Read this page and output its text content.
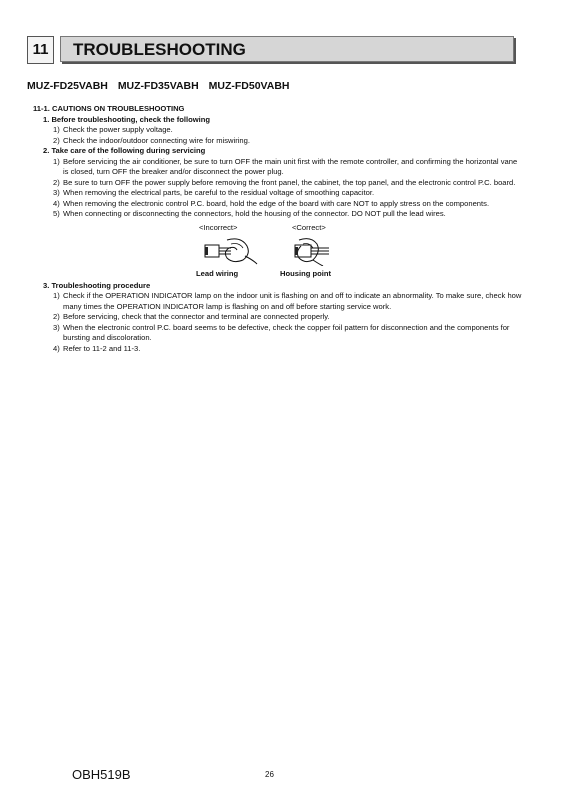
11	TROUBLESHOOTING
MUZ-FD25VABH MUZ-FD35VABH MUZ-FD50VABH
11-1. CAUTIONS ON TROUBLESHOOTING
1. Before troubleshooting, check the following
1) Check the power supply voltage.
2) Check the indoor/outdoor connecting wire for miswiring.
2. Take care of the following during servicing
1) Before servicing the air conditioner, be sure to turn OFF the main unit first with the remote controller, and confirming the horizontal vane is closed, turn OFF the breaker and/or disconnect the power plug.
2) Be sure to turn OFF the power supply before removing the front panel, the cabinet, the top panel, and the electronic control P.C. board.
3) When removing the electrical parts, be careful to the residual voltage of smoothing capacitor.
4) When removing the electronic control P.C. board, hold the edge of the board with care NOT to apply stress on the components.
5) When connecting or disconnecting the connectors, hold the housing of the connector. DO NOT pull the lead wires.
<Incorrect>	<Correct>
Lead wiring	Housing point
3. Troubleshooting procedure
1) Check if the OPERATION INDICATOR lamp on the indoor unit is flashing on and off to indicate an abnormality. To make sure, check how many times the OPERATION INDICATOR lamp is flashing on and off before starting service work.
2) Before servicing, check that the connector and terminal are connected properly.
3) When the electronic control P.C. board seems to be defective, check the copper foil pattern for disconnection and the components for bursting and discoloration.
4) Refer to 11-2 and 11-3.
OBH519B	26
